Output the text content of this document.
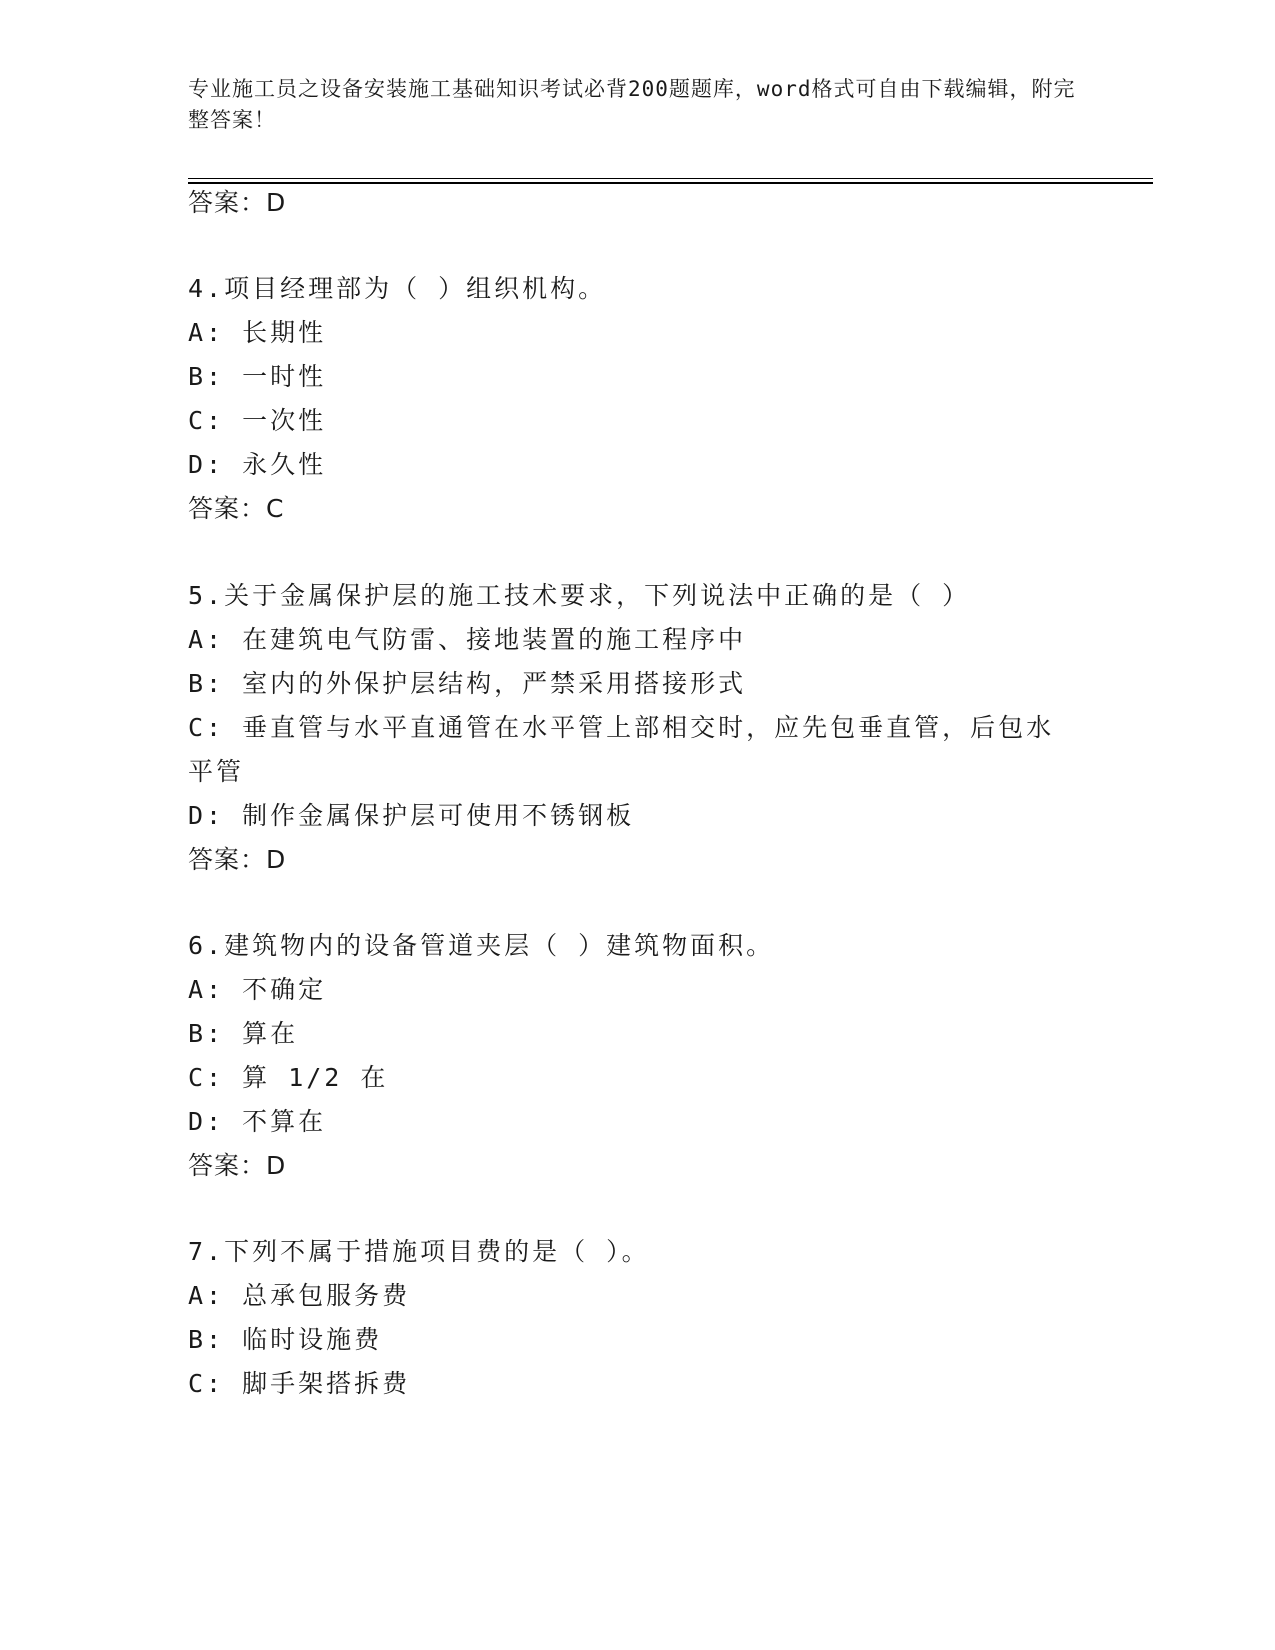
专业施工员之设备安装施工基础知识考试必背200题题库，word格式可自由下载编辑，附完整答案！
答案：D
4.项目经理部为（ ）组织机构。
A: 长期性
B: 一时性
C: 一次性
D: 永久性
答案：C
5.关于金属保护层的施工技术要求，下列说法中正确的是（ ）
A: 在建筑电气防雷、接地装置的施工程序中
B: 室内的外保护层结构，严禁采用搭接形式
C: 垂直管与水平直通管在水平管上部相交时，应先包垂直管，后包水
平管
D: 制作金属保护层可使用不锈钢板
答案：D
6.建筑物内的设备管道夹层（ ）建筑物面积。
A: 不确定
B: 算在
C: 算 1/2 在
D: 不算在
答案：D
7.下列不属于措施项目费的是（ ）。
A: 总承包服务费
B: 临时设施费
C: 脚手架搭拆费
